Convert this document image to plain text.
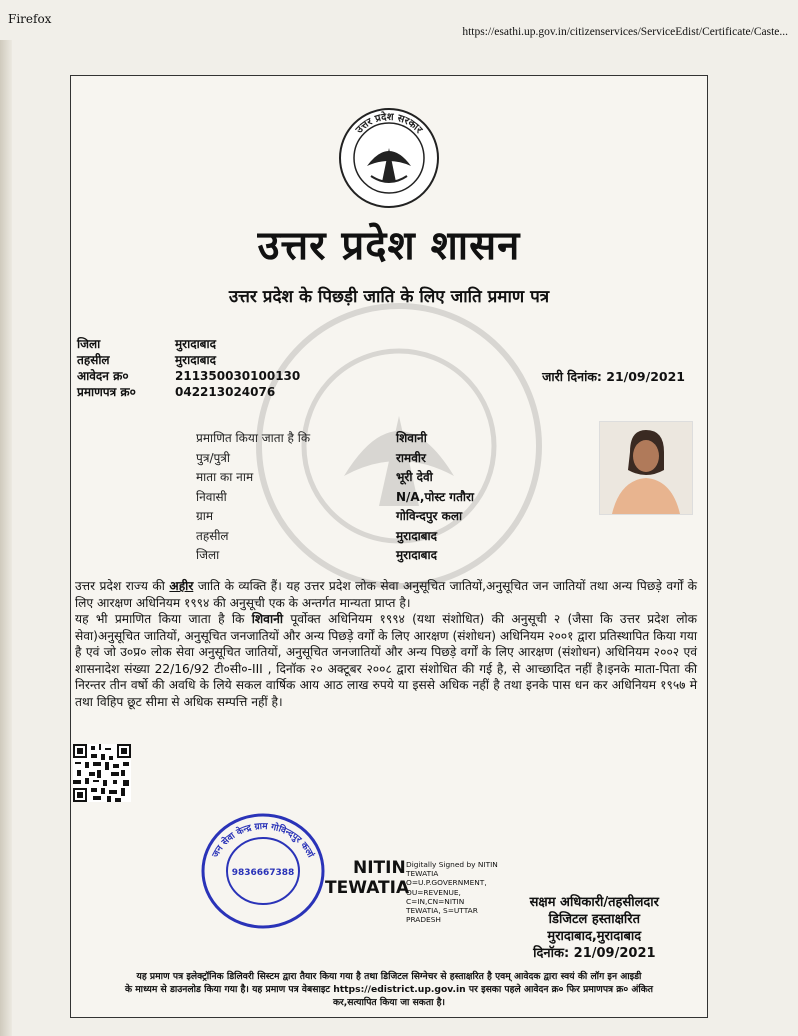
Firefox
https://esathi.up.gov.in/citizenservices/ServiceEdist/Certificate/Caste...
उत्तर प्रदेश सरकार
उत्तर प्रदेश शासन
उत्तर प्रदेश के पिछड़ी जाति के लिए जाति प्रमाण पत्र
जिला	मुरादाबाद
तहसील	मुरादाबाद
आवेदन क्र०	211350030100130
प्रमाणपत्र क्र०	042213024076
जारी दिनांक: 21/09/2021
प्रमाणित किया जाता है कि	शिवानी
पुत्र/पुत्री	रामवीर
माता का नाम	भूरी देवी
निवासी	N/A,पोस्ट गतौरा
ग्राम	गोविन्दपुर कला
तहसील	मुरादाबाद
जिला	मुरादाबाद
उत्तर प्रदेश राज्य की अहीर जाति के व्यक्ति हैं। यह उत्तर प्रदेश लोक सेवा अनुसूचित जातियों,अनुसूचित जन जातियों तथा अन्य पिछड़े वर्गों के लिए आरक्षण अधिनियम १९९४ की अनुसूची एक के अन्तर्गत मान्यता प्राप्त है।
यह भी प्रमाणित किया जाता है कि शिवानी पूर्वोक्त अधिनियम १९९४ (यथा संशोधित) की अनुसूची २ (जैसा कि उत्तर प्रदेश लोक सेवा)अनुसूचित जातियों, अनुसूचित जनजातियों और अन्य पिछड़े वर्गों के लिए आरक्षण (संशोधन) अधिनियम २००१ द्वारा प्रतिस्थापित किया गया है एवं जो उ०प्र० लोक सेवा अनुसूचित जातियों, अनुसूचित जनजातियों और अन्य पिछड़े वर्गों के लिए आरक्षण (संशोधन) अधिनियम २००२ एवं शासनादेश संख्या 22/16/92 टी०सी०-III , दिनॉक २० अक्टूबर २००८ द्वारा संशोधित की गई है, से आच्छादित नहीं है।इनके माता-पिता की निरन्तर तीन वर्षो की अवधि के लिये सकल वार्षिक आय आठ लाख रुपये या इससे अधिक नहीं है तथा इनके पास धन कर अधिनियम १९५७ मे तथा विहिप छूट सीमा से अधिक सम्पत्ति नहीं है।
जन सेवा केन्द्र ग्राम गोविन्दपुर कलां
9836667388	NITIN
TEWATIA
Digitally Signed by NITIN TEWATIA O=U.P.GOVERNMENT, OU=REVENUE, C=IN,CN=NITIN TEWATIA, S=UTTAR PRADESH
सक्षम अधिकारी/तहसीलदार
डिजिटल हस्ताक्षरित
मुरादाबाद,मुरादाबाद
दिनॉक: 21/09/2021
यह प्रमाण पत्र इलेक्ट्रॉनिक डिलिवरी सिस्टम द्वारा तैयार किया गया है तथा डिजिटल सिग्नेचर से हस्ताक्षरित है एवम् आवेदक द्वारा स्वयं की लॉग इन आइडी
के माध्यम से डाउनलोड किया गया है। यह प्रमाण पत्र वेबसाइट https://edistrict.up.gov.in पर इसका पहले आवेदन क्र० फिर प्रमाणपत्र क्र० अंकित
कर,सत्यापित किया जा सकता है।
